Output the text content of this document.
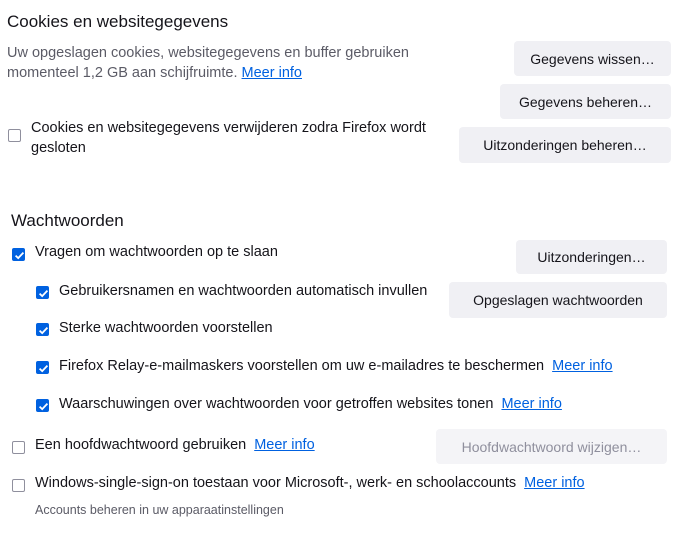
Cookies en websitegegevens
Uw opgeslagen cookies, websitegegevens en buffer gebruiken
momenteel 1,2 GB aan schijfruimte. Meer info
Gegevens wissen…
Gegevens beheren…
Cookies en websitegegevens verwijderen zodra Firefox wordt
gesloten	Uitzonderingen beheren…
Wachtwoorden
Vragen om wachtwoorden op te slaan	Uitzonderingen…
Gebruikersnamen en wachtwoorden automatisch invullen
Opgeslagen wachtwoorden
Sterke wachtwoorden voorstellen
Firefox Relay-e-mailmaskers voorstellen om uw e-mailadres te beschermen Meer info
Waarschuwingen over wachtwoorden voor getroffen websites tonen Meer info
Een hoofdwachtwoord gebruiken Meer info	Hoofdwachtwoord wijzigen…
Windows-single-sign-on toestaan voor Microsoft-, werk- en schoolaccounts Meer info
Accounts beheren in uw apparaatinstellingen
